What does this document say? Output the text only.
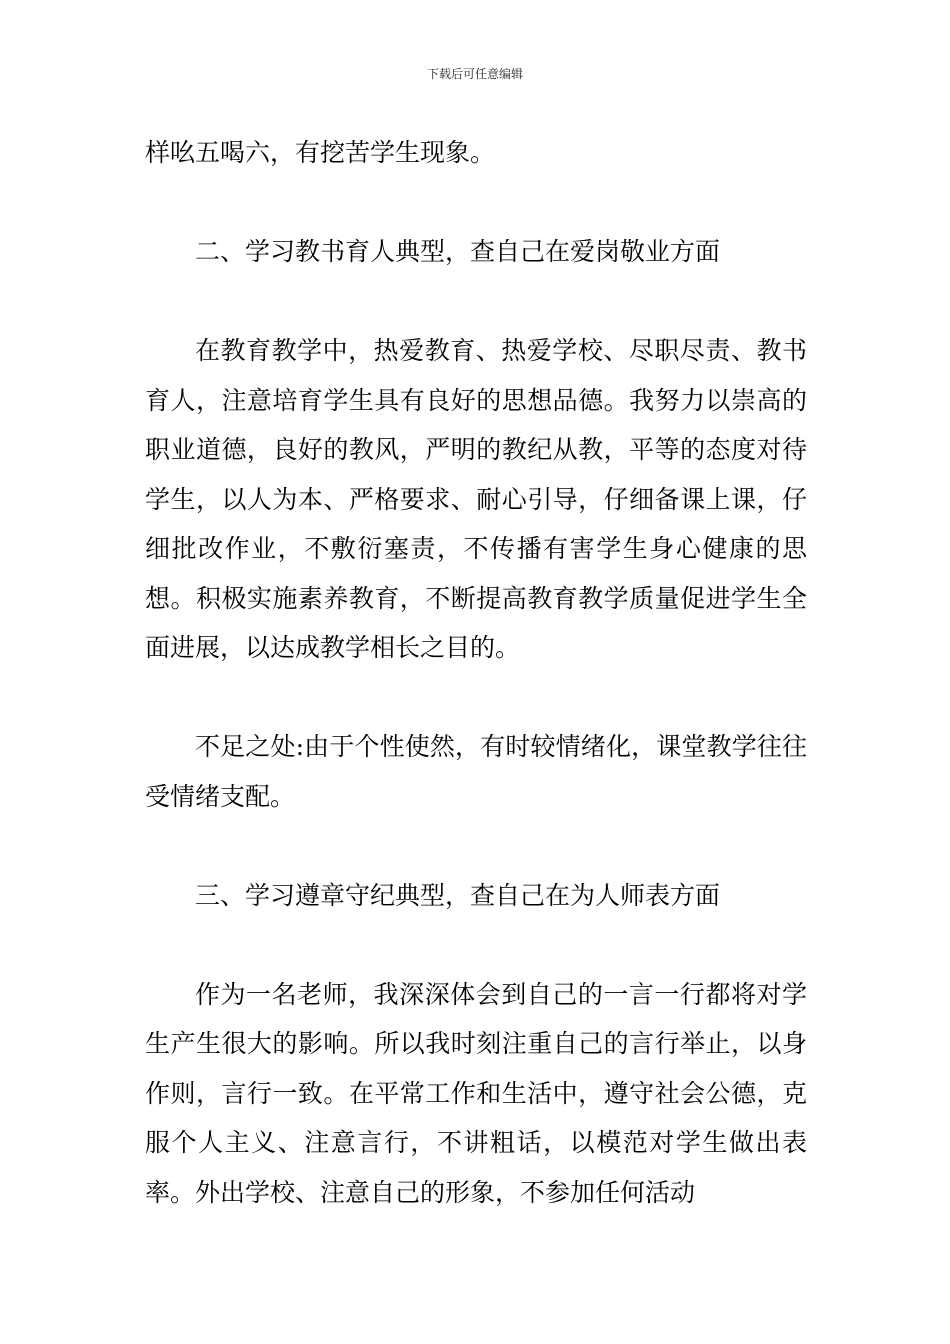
下载后可任意编辑

样吆五喝六，有挖苦学生现象。

二、学习教书育人典型，查自己在爱岗敬业方面

在教育教学中，热爱教育、热爱学校、尽职尽责、教书育人，注意培育学生具有良好的思想品德。我努力以崇高的职业道德，良好的教风，严明的教纪从教，平等的态度对待学生，以人为本、严格要求、耐心引导，仔细备课上课，仔细批改作业，不敷衍塞责，不传播有害学生身心健康的思想。积极实施素养教育，不断提高教育教学质量促进学生全面进展，以达成教学相长之目的。

不足之处:由于个性使然，有时较情绪化，课堂教学往往受情绪支配。

三、学习遵章守纪典型，查自己在为人师表方面

作为一名老师，我深深体会到自己的一言一行都将对学生产生很大的影响。所以我时刻注重自己的言行举止，以身作则，言行一致。在平常工作和生活中，遵守社会公德，克服个人主义、注意言行，不讲粗话，以模范对学生做出表率。外出学校、注意自己的形象，不参加任何活动
